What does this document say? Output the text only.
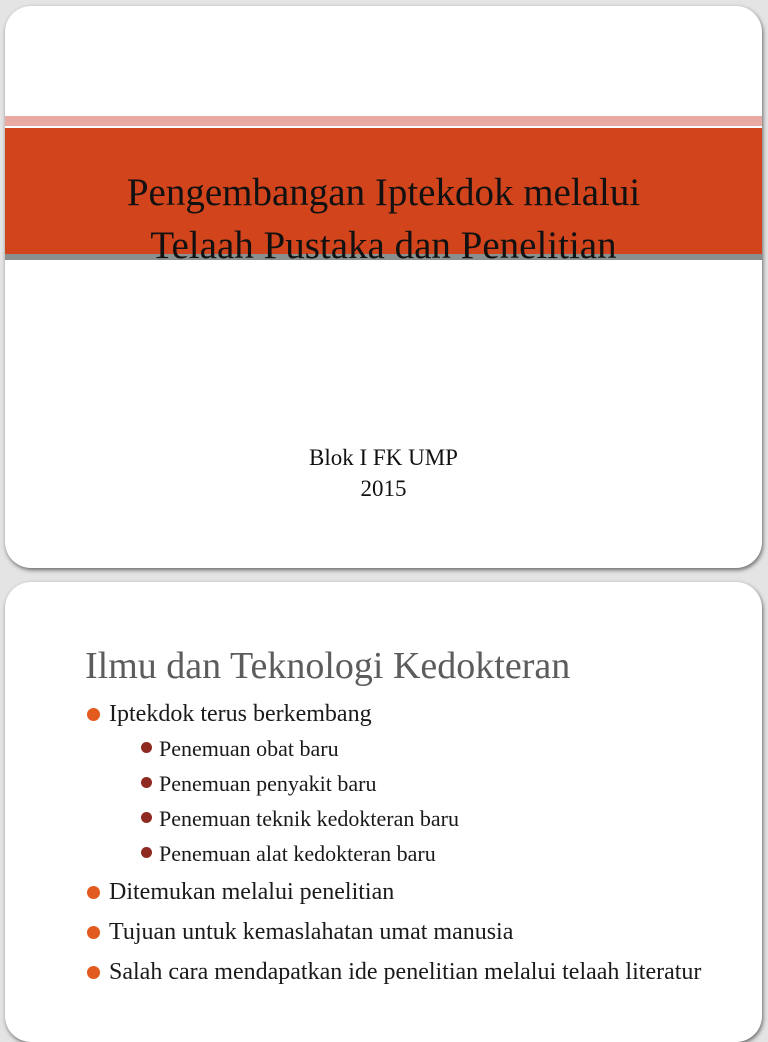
Pengembangan Iptekdok melalui
Telaah Pustaka dan Penelitian
Blok I FK UMP
2015
Ilmu dan Teknologi Kedokteran
Iptekdok terus berkembang
Penemuan obat baru
Penemuan penyakit baru
Penemuan teknik kedokteran baru
Penemuan alat kedokteran baru
Ditemukan melalui penelitian
Tujuan untuk kemaslahatan umat manusia
Salah cara mendapatkan ide penelitian melalui telaah literatur
